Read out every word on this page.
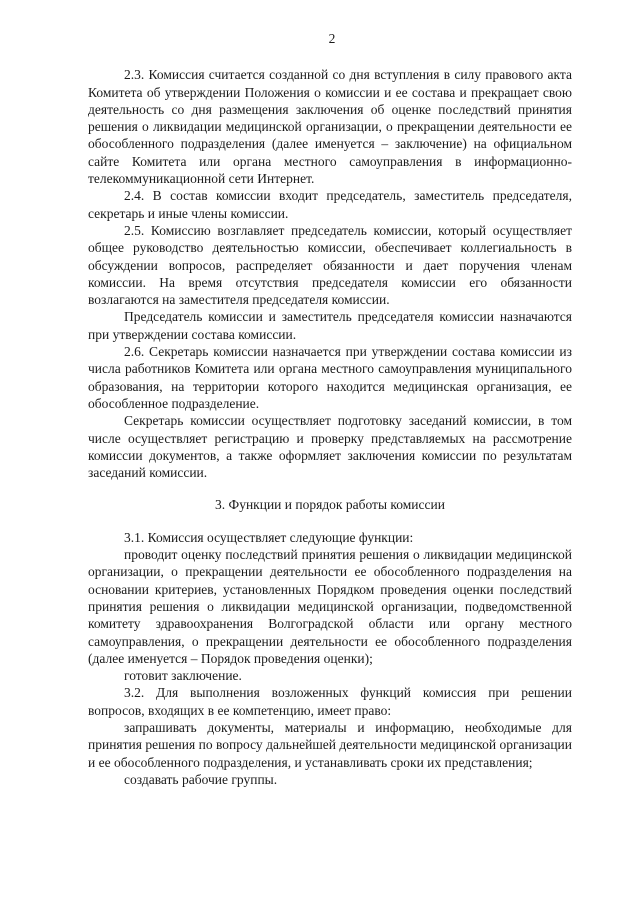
2

2.3. Комиссия считается созданной со дня вступления в силу правового акта Комитета об утверждении Положения о комиссии и ее состава и прекращает свою деятельность со дня размещения заключения об оценке последствий принятия решения о ликвидации медицинской организации, о прекращении деятельности ее обособленного подразделения (далее именуется – заключение) на официальном сайте Комитета или органа местного самоуправления в информационно-телекоммуникационной сети Интернет.

2.4. В состав комиссии входит председатель, заместитель председателя, секретарь и иные члены комиссии.

2.5. Комиссию возглавляет председатель комиссии, который осуществляет общее руководство деятельностью комиссии, обеспечивает коллегиальность в обсуждении вопросов, распределяет обязанности и дает поручения членам комиссии. На время отсутствия председателя комиссии его обязанности возлагаются на заместителя председателя комиссии.

Председатель комиссии и заместитель председателя комиссии назначаются при утверждении состава комиссии.

2.6. Секретарь комиссии назначается при утверждении состава комиссии из числа работников Комитета или органа местного самоуправления муниципального образования, на территории которого находится медицинская организация, ее обособленное подразделение.

Секретарь комиссии осуществляет подготовку заседаний комиссии, в том числе осуществляет регистрацию и проверку представляемых на рассмотрение комиссии документов, а также оформляет заключения комиссии по результатам заседаний комиссии.

3. Функции и порядок работы комиссии

3.1. Комиссия осуществляет следующие функции:

проводит оценку последствий принятия решения о ликвидации медицинской организации, о прекращении деятельности ее обособленного подразделения на основании критериев, установленных Порядком проведения оценки последствий принятия решения о ликвидации медицинской организации, подведомственной комитету здравоохранения Волгоградской области или органу местного самоуправления, о прекращении деятельности ее обособленного подразделения (далее именуется – Порядок проведения оценки);

готовит заключение.

3.2. Для выполнения возложенных функций комиссия при решении вопросов, входящих в ее компетенцию, имеет право:

запрашивать документы, материалы и информацию, необходимые для принятия решения по вопросу дальнейшей деятельности медицинской организации и ее обособленного подразделения, и устанавливать сроки их представления;

создавать рабочие группы.
